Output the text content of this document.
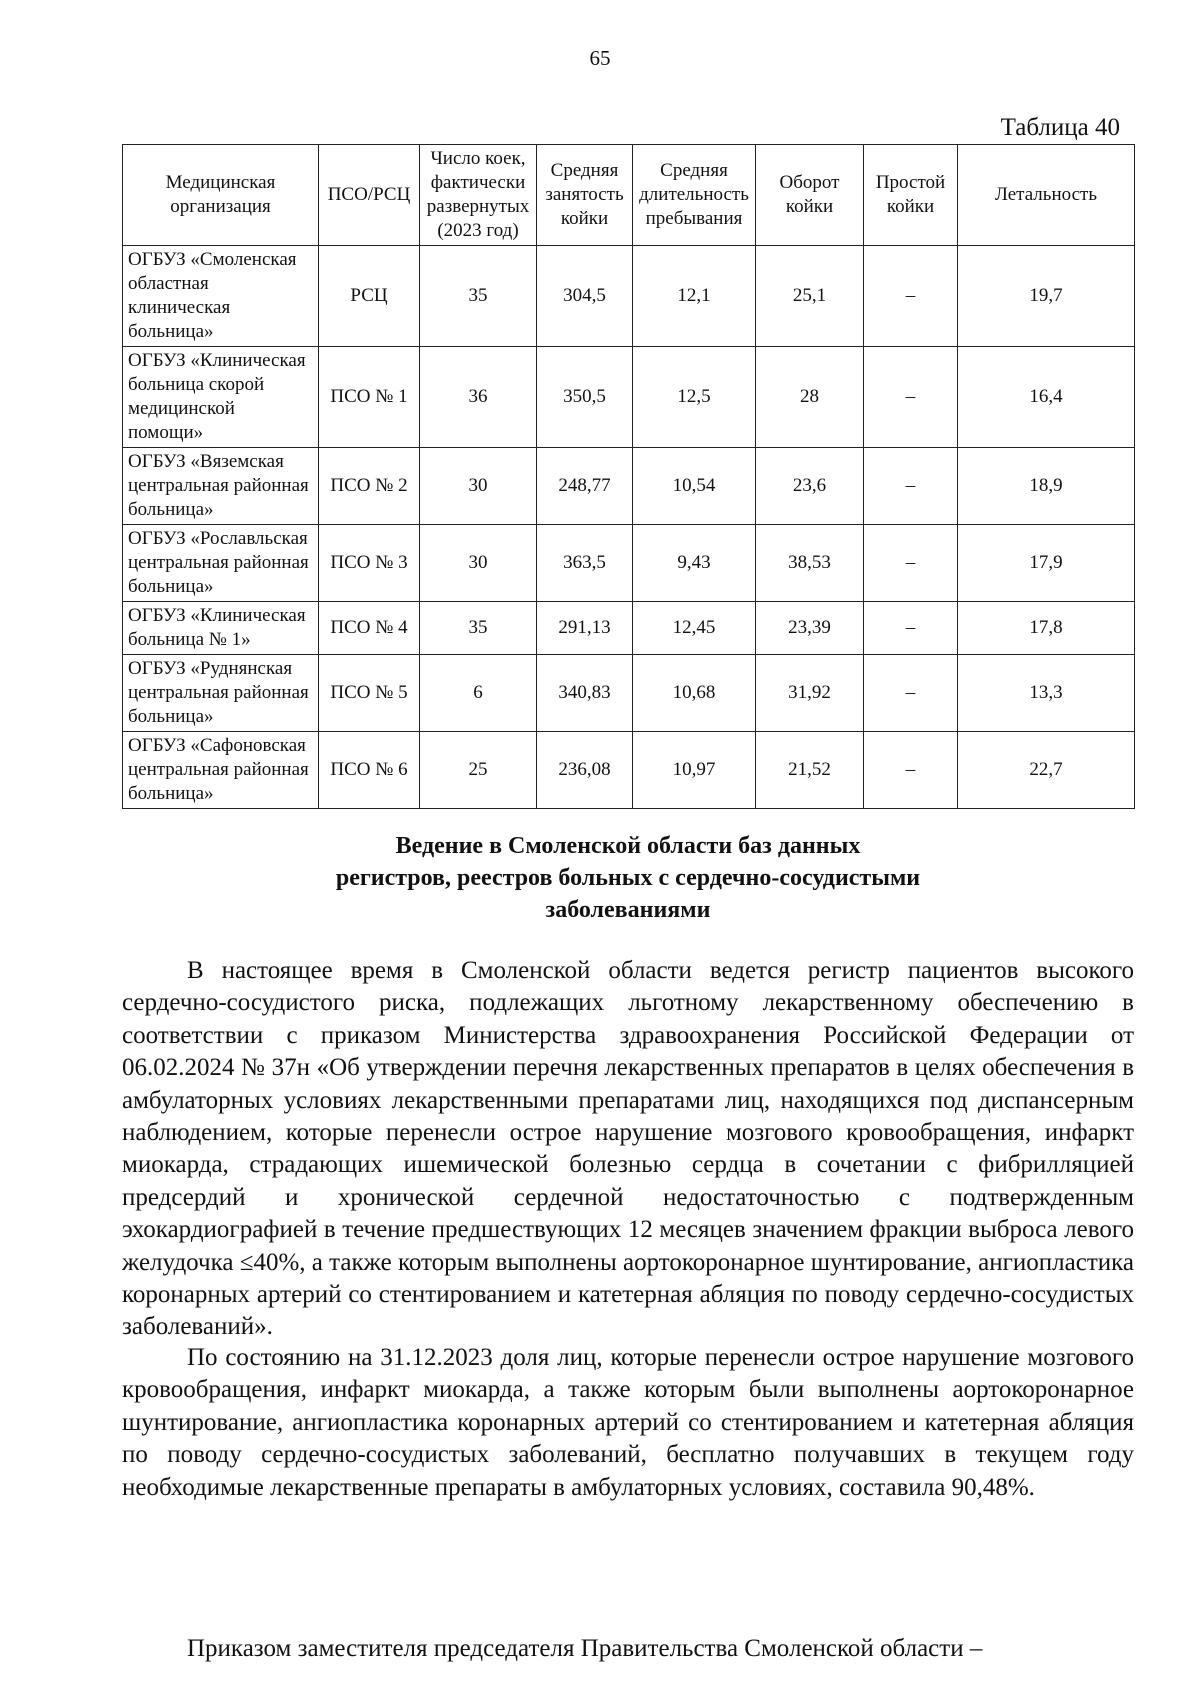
65
Таблица 40
Медицинская организация	ПСО/РСЦ	Число коек, фактически развернутых (2023 год)	Средняя занятость койки	Средняя длительность пребывания	Оборот койки	Простой койки	Летальность
ОГБУЗ «Смоленская областная клиническая больница»	РСЦ	35	304,5	12,1	25,1	–	19,7
ОГБУЗ «Клиническая больница скорой медицинской помощи»	ПСО № 1	36	350,5	12,5	28	–	16,4
ОГБУЗ «Вяземская центральная районная больница»	ПСО № 2	30	248,77	10,54	23,6	–	18,9
ОГБУЗ «Рославльская центральная районная больница»	ПСО № 3	30	363,5	9,43	38,53	–	17,9
ОГБУЗ «Клиническая больница № 1»	ПСО № 4	35	291,13	12,45	23,39	–	17,8
ОГБУЗ «Руднянская центральная районная больница»	ПСО № 5	6	340,83	10,68	31,92	–	13,3
ОГБУЗ «Сафоновская центральная районная больница»	ПСО № 6	25	236,08	10,97	21,52	–	22,7
Ведение в Смоленской области баз данных
регистров, реестров больных с сердечно-сосудистыми
заболеваниями

В настоящее время в Смоленской области ведется регистр пациентов высокого сердечно-сосудистого риска, подлежащих льготному лекарственному обеспечению в соответствии с приказом Министерства здравоохранения Российской Федерации от 06.02.2024 № 37н «Об утверждении перечня лекарственных препаратов в целях обеспечения в амбулаторных условиях лекарственными препаратами лиц, находящихся под диспансерным наблюдением, которые перенесли острое нарушение мозгового кровообращения, инфаркт миокарда, страдающих ишемической болезнью сердца в сочетании с фибрилляцией предсердий и хронической сердечной недостаточностью с подтвержденным эхокардиографией в течение предшествующих 12 месяцев значением фракции выброса левого желудочка ≤40%, а также которым выполнены аортокоронарное шунтирование, ангиопластика коронарных артерий со стентированием и катетерная абляция по поводу сердечно-сосудистых заболеваний».

По состоянию на 31.12.2023 доля лиц, которые перенесли острое нарушение мозгового кровообращения, инфаркт миокарда, а также которым были выполнены аортокоронарное шунтирование, ангиопластика коронарных артерий со стентированием и катетерная абляция по поводу сердечно-сосудистых заболеваний, бесплатно получавших в текущем году необходимые лекарственные препараты в амбулаторных условиях, составила 90,48%.

Приказом заместителя председателя Правительства Смоленской области –
